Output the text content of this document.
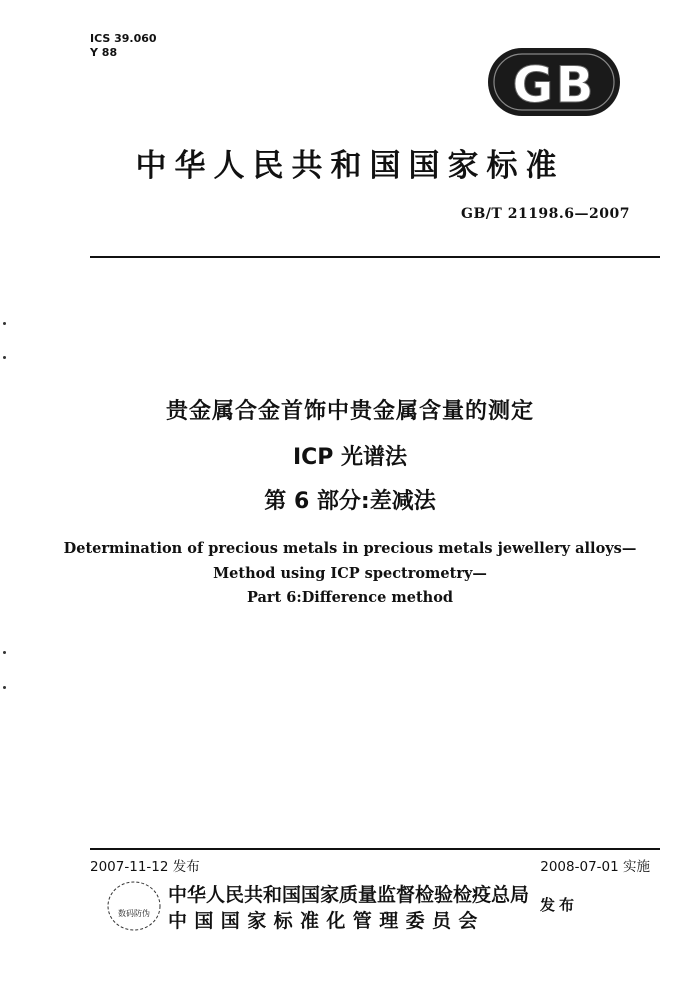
ICS 39.060
Y 88
GB
中华人民共和国国家标准
GB/T 21198.6—2007
贵金属合金首饰中贵金属含量的测定
ICP 光谱法
第 6 部分:差减法
Determination of precious metals in precious metals jewellery alloys—
Method using ICP spectrometry—
Part 6:Difference method
2007-11-12 发布	2008-07-01 实施
数码防伪
中华人民共和国国家质量监督检验检疫总局
中国国家标准化管理委员会
发布
